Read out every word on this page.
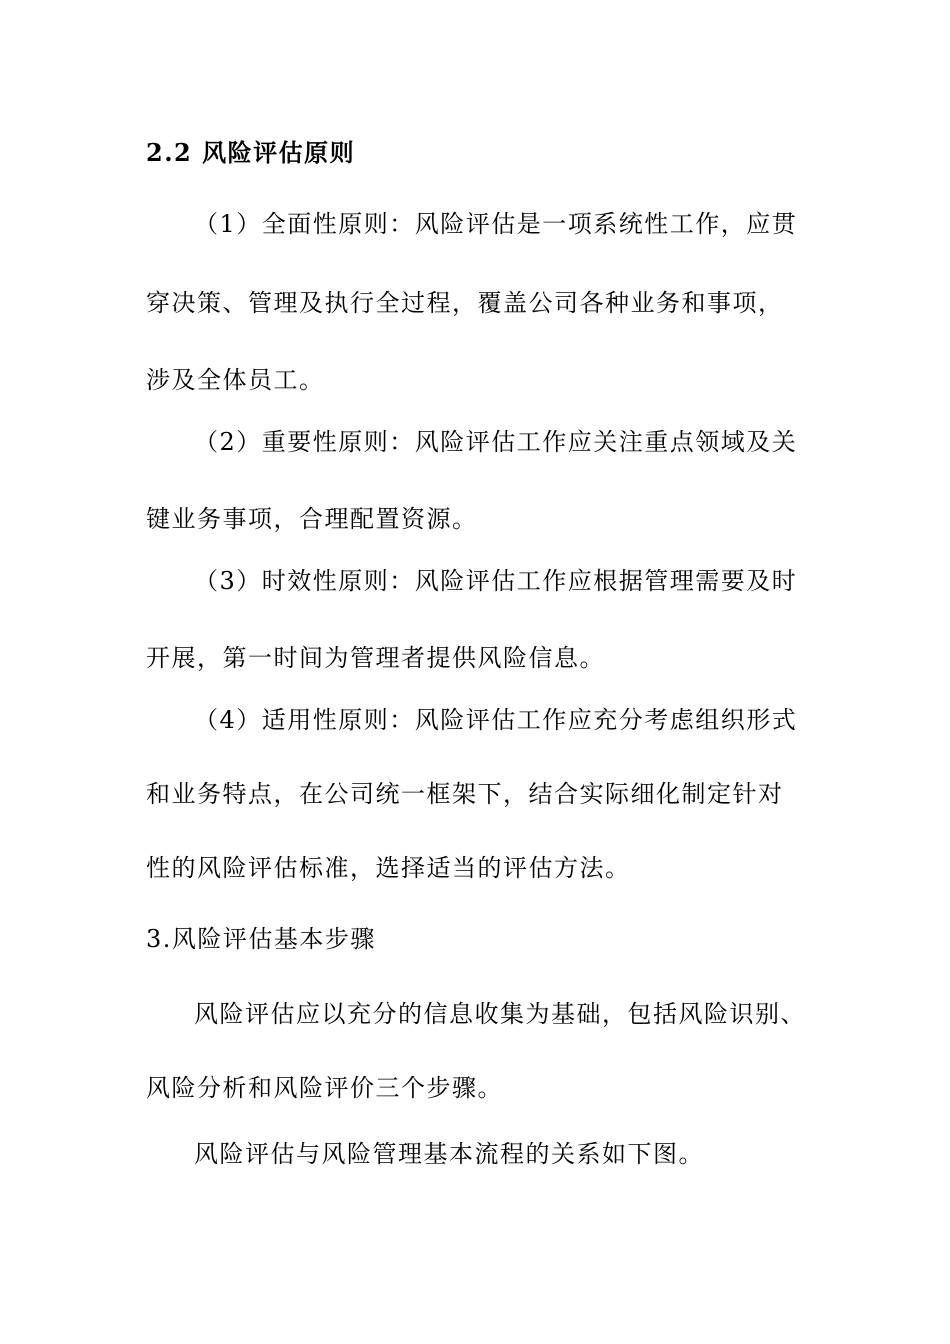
2.2 风险评估原则
（1）全面性原则：风险评估是一项系统性工作，应贯
穿决策、管理及执行全过程，覆盖公司各种业务和事项，
涉及全体员工。
（2）重要性原则：风险评估工作应关注重点领域及关
键业务事项，合理配置资源。
（3）时效性原则：风险评估工作应根据管理需要及时
开展，第一时间为管理者提供风险信息。
（4）适用性原则：风险评估工作应充分考虑组织形式
和业务特点，在公司统一框架下，结合实际细化制定针对
性的风险评估标准，选择适当的评估方法。
3.风险评估基本步骤
风险评估应以充分的信息收集为基础，包括风险识别、
风险分析和风险评价三个步骤。
风险评估与风险管理基本流程的关系如下图。
